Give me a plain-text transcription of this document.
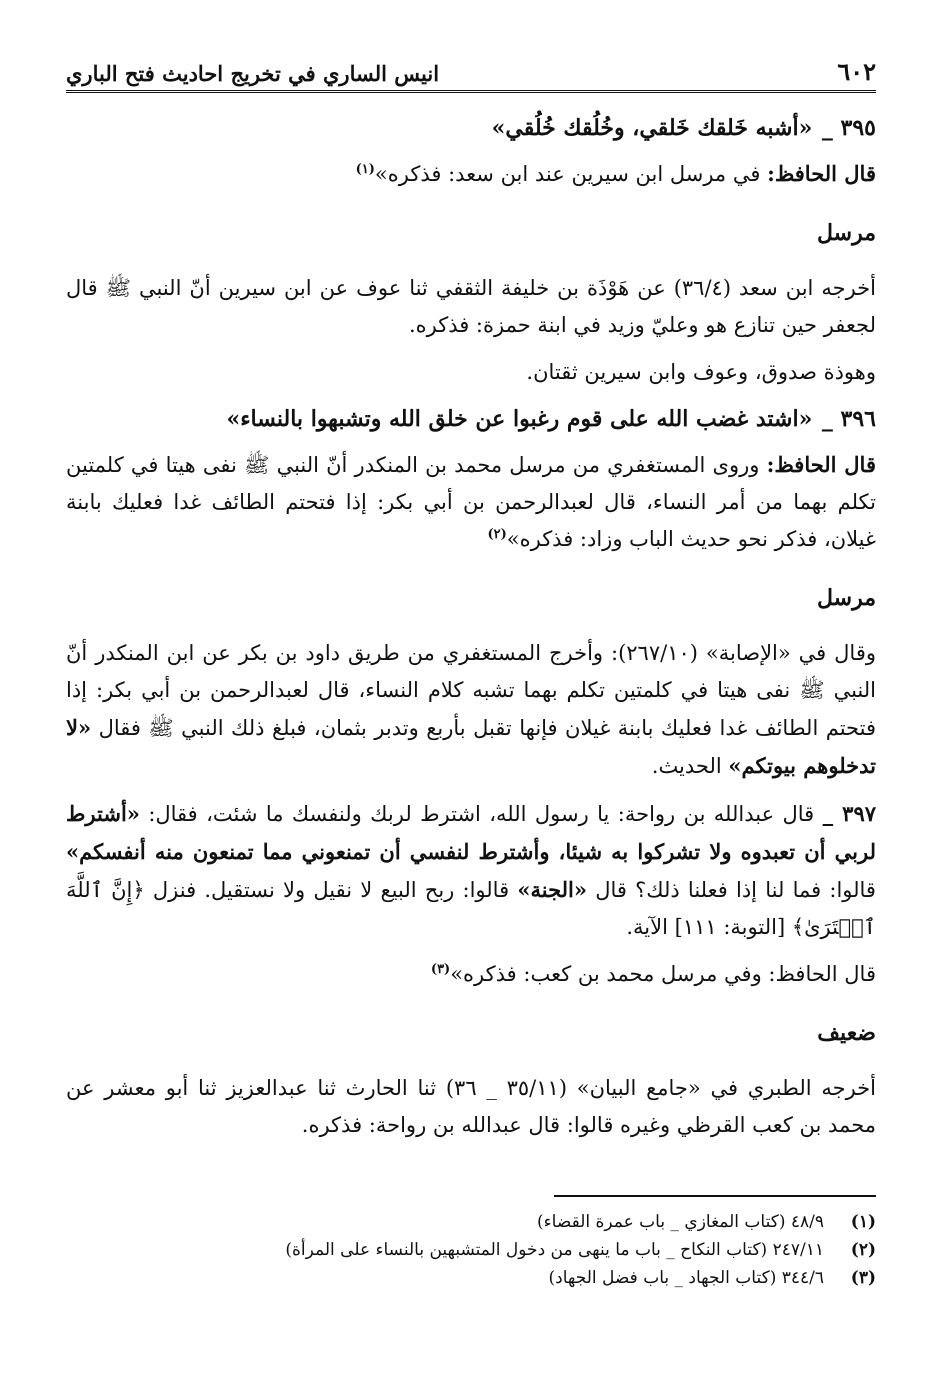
٦٠٢
انيس الساري في تخريج احاديث فتح الباري
٣٩٥ _ «أشبه خَلقك خَلقي، وخُلُقك خُلُقي»

قال الحافظ: في مرسل ابن سيرين عند ابن سعد: فذكره»$^{(١)}$

مرسل

أخرجه ابن سعد (٣٦/٤) عن هَوْذَة بن خليفة الثقفي ثنا عوف عن ابن سيرين أنّ النبي ﷺ قال لجعفر حين تنازع هو وعليّ وزيد في ابنة حمزة: فذكره.

وهوذة صدوق، وعوف وابن سيرين ثقتان.

٣٩٦ _ «اشتد غضب الله على قوم رغبوا عن خلق الله وتشبهوا بالنساء»

قال الحافظ: وروى المستغفري من مرسل محمد بن المنكدر أنّ النبي ﷺ نفى هيتا في كلمتين تكلم بهما من أمر النساء، قال لعبدالرحمن بن أبي بكر: إذا فتحتم الطائف غدا فعليك بابنة غيلان، فذكر نحو حديث الباب وزاد: فذكره»$^{(٢)}$

مرسل

وقال في «الإصابة» (٢٦٧/١٠): وأخرج المستغفري من طريق داود بن بكر عن ابن المنكدر أنّ النبي ﷺ نفى هيتا في كلمتين تكلم بهما تشبه كلام النساء، قال لعبدالرحمن بن أبي بكر: إذا فتحتم الطائف غدا فعليك بابنة غيلان فإنها تقبل بأربع وتدبر بثمان، فبلغ ذلك النبي ﷺ فقال «لا تدخلوهم بيوتكم» الحديث.

٣٩٧ _ قال عبدالله بن رواحة: يا رسول الله، اشترط لربك ولنفسك ما شئت، فقال: «أشترط لربي أن تعبدوه ولا تشركوا به شيئا، وأشترط لنفسي أن تمنعوني مما تمنعون منه أنفسكم» قالوا: فما لنا إذا فعلنا ذلك؟ قال «الجنة» قالوا: ربح البيع لا نقيل ولا نستقيل. فنزل ﴿إِنَّ ٱللَّهَ ٱشۡتَرَىٰ﴾ [التوبة: ١١١] الآية.

قال الحافظ: وفي مرسل محمد بن كعب: فذكره»$^{(٣)}$

ضعيف

أخرجه الطبري في «جامع البيان» (٣٥/١١ _ ٣٦) ثنا الحارث ثنا عبدالعزيز ثنا أبو معشر عن محمد بن كعب القرظي وغيره قالوا: قال عبدالله بن رواحة: فذكره.

(١)
٤٨/٩ (كتاب المغازي _ باب عمرة القضاء)
(٢)
٢٤٧/١١ (كتاب النكاح _ باب ما ينهى من دخول المتشبهين بالنساء على المرأة)
(٣)
٣٤٤/٦ (كتاب الجهاد _ باب فضل الجهاد)
